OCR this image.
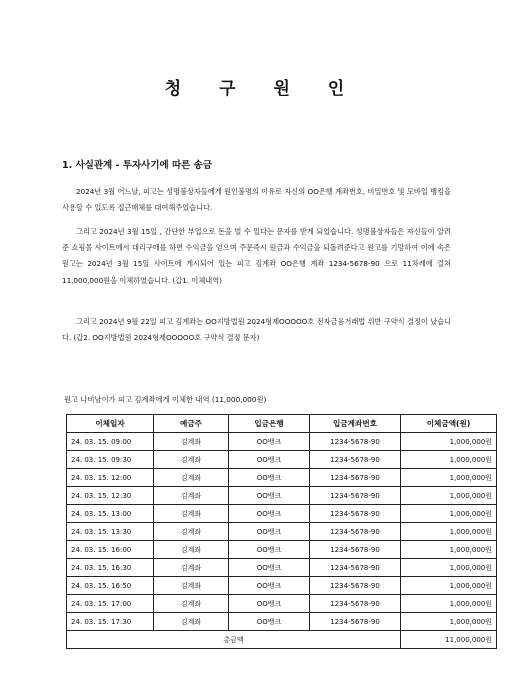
청 구 원 인
1. 사실관계 - 투자사기에 따른 송금

2024년 3월 어느날, 피고는 성명불상자들에게 원인불명의 이유로 자신의 OO은행 계좌번호, 비밀번호 및 모바일 뱅킹을 사용할 수 있도록 접근매체를 대여해주었습니다.

그리고 2024년 3월 15일 , 간단한 부업으로 돈을 벌 수 있다는 문자를 받게 되었습니다. 성명불상자들은 자신들이 알려준 쇼핑몰 사이트에서 대리구매를 하면 수익금을 얻으며 주문즉시 원금과 수익금을 되돌려준다고 원고를 기망하여 이에 속은 원고는 2024년 3월 15일 사이트에 게시되어 있는 피고 김계좌 OO은행 계좌 1234-5678-90 으로 11차례에 걸쳐 11,000,000원을 이체하였습니다. (갑1. 이체내역)

그리고 2024년 9월 22일 피고 김계좌는 OO지방법원 2024형제OOOOO호 전자금융거래법 위반 구약식 결정이 났습니다. (갑2. OO지방법원 2024형제OOOOO호 구약식 결정 문자)

원고 나비남이가 피고 김계좌에게 이체한 내역 (11,000,000원)
이체일자	예금주	입금은행	입금계좌번호	이체금액(원)
24. 03. 15. 09:00	김계좌	OO뱅크	1234-5678-90	1,000,000원
24. 03. 15. 09:30	김계좌	OO뱅크	1234-5678-90	1,000,000원
24. 03. 15. 12:00	김계좌	OO뱅크	1234-5678-90	1,000,000원
24. 03. 15. 12:30	김계좌	OO뱅크	1234-5678-90	1,000,000원
24. 03. 15. 13:00	김계좌	OO뱅크	1234-5678-90	1,000,000원
24. 03. 15. 13:30	김계좌	OO뱅크	1234-5678-90	1,000,000원
24. 03. 15. 16:00	김계좌	OO뱅크	1234-5678-90	1,000,000원
24. 03. 15. 16:30	김계좌	OO뱅크	1234-5678-90	1,000,000원
24. 03. 15. 16:50	김계좌	OO뱅크	1234-5678-90	1,000,000원
24. 03. 15. 17:00	김계좌	OO뱅크	1234-5678-90	1,000,000원
24. 03. 15. 17:30	김계좌	OO뱅크	1234-5678-90	1,000,000원
총금액				11,000,000원
